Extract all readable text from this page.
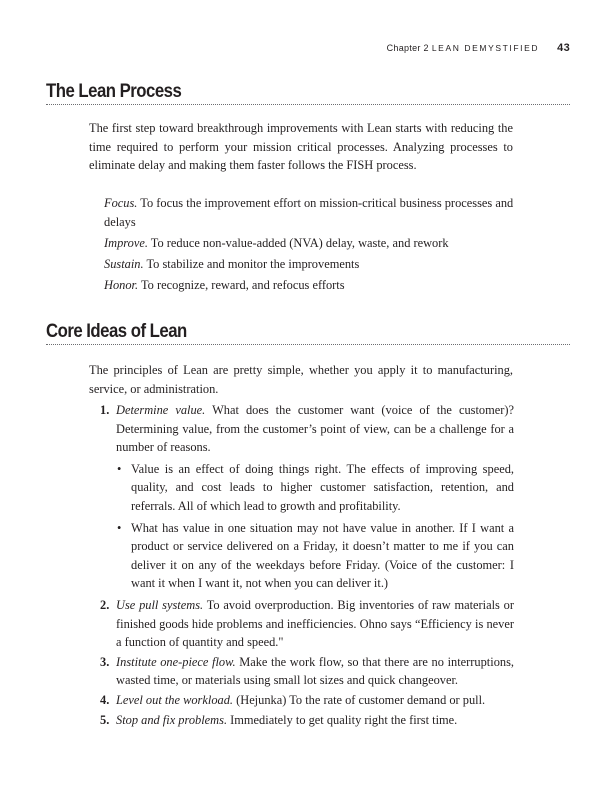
Chapter 2 LEAN DEMYSTIFIED 43
The Lean Process

The first step toward breakthrough improvements with Lean starts with reducing the time required to perform your mission critical processes. Analyzing processes to eliminate delay and making them faster follows the FISH process.

Focus. To focus the improvement effort on mission-critical business processes and delays
Improve. To reduce non-value-added (NVA) delay, waste, and rework
Sustain. To stabilize and monitor the improvements
Honor. To recognize, reward, and refocus efforts
Core Ideas of Lean

The principles of Lean are pretty simple, whether you apply it to manufacturing, service, or administration.

1. Determine value. What does the customer want (voice of the customer)? Determining value, from the customer’s point of view, can be a challenge for a number of reasons.
• Value is an effect of doing things right. The effects of improving speed, quality, and cost leads to higher customer satisfaction, retention, and referrals. All of which lead to growth and profitability.
• What has value in one situation may not have value in another. If I want a product or service delivered on a Friday, it doesn’t matter to me if you can deliver it on any of the weekdays before Friday. (Voice of the customer: I want it when I want it, not when you can deliver it.)
2. Use pull systems. To avoid overproduction. Big inventories of raw materials or finished goods hide problems and inefficiencies. Ohno says “Efficiency is never a function of quantity and speed."
3. Institute one-piece flow. Make the work flow, so that there are no interruptions, wasted time, or materials using small lot sizes and quick changeover.
4. Level out the workload. (Hejunka) To the rate of customer demand or pull.
5. Stop and fix problems. Immediately to get quality right the first time.
